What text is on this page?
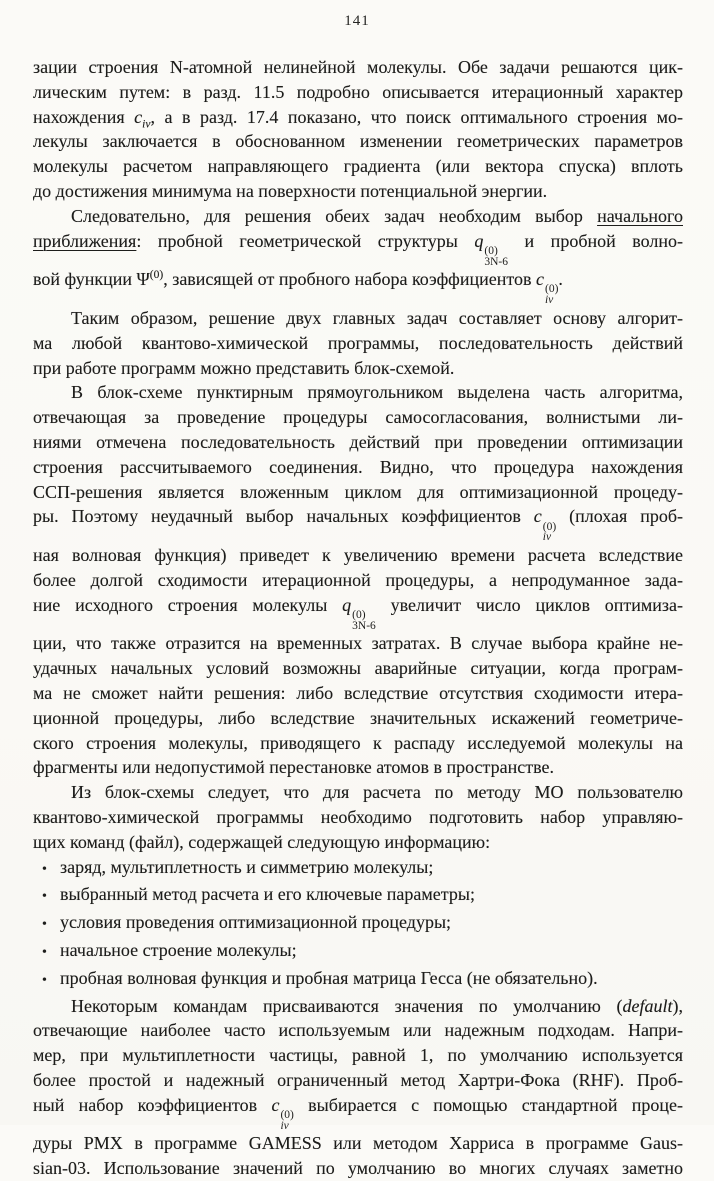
141
зации строения N-атомной нелинейной молекулы. Обе задачи решаются цик-
лическим путем: в разд. 11.5 подробно описывается итерационный характер
нахождения $c_{iv}$, а в разд. 17.4 показано, что поиск оптимального строения мо-
лекулы заключается в обоснованном изменении геометрических параметров
молекулы расчетом направляющего градиента (или вектора спуска) вплоть
до достижения минимума на поверхности потенциальной энергии.
Следовательно, для решения обеих задач необходим выбор начального
приближения: пробной геометрической структуры q
(0)
3N-6
и пробной волно-
вой функции $\Psi^{(0)}$, зависящей от пробного набора коэффициентов c
(0)
iv
.
Таким образом, решение двух главных задач составляет основу алгорит-
ма любой квантово-химической программы, последовательность действий
при работе программ можно представить блок-схемой.
В блок-схеме пунктирным прямоугольником выделена часть алгоритма,
отвечающая за проведение процедуры самосогласования, волнистыми ли-
ниями отмечена последовательность действий при проведении оптимизации
строения рассчитываемого соединения. Видно, что процедура нахождения
ССП-решения является вложенным циклом для оптимизационной процеду-
ры. Поэтому неудачный выбор начальных коэффициентов c
(0)
iv
(плохая проб-
ная волновая функция) приведет к увеличению времени расчета вследствие
более долгой сходимости итерационной процедуры, а непродуманное зада-
ние исходного строения молекулы q
(0)
3N-6
увеличит число циклов оптимиза-
ции, что также отразится на временных затратах. В случае выбора крайне не-
удачных начальных условий возможны аварийные ситуации, когда програм-
ма не сможет найти решения: либо вследствие отсутствия сходимости итера-
ционной процедуры, либо вследствие значительных искажений геометриче-
ского строения молекулы, приводящего к распаду исследуемой молекулы на
фрагменты или недопустимой перестановке атомов в пространстве.
Из блок-схемы следует, что для расчета по методу МО пользователю
квантово-химической программы необходимо подготовить набор управляю-
щих команд (файл), содержащей следующую информацию:
• заряд, мультиплетность и симметрию молекулы;
• выбранный метод расчета и его ключевые параметры;
• условия проведения оптимизационной процедуры;
• начальное строение молекулы;
• пробная волновая функция и пробная матрица Гесса (не обязательно).
Некоторым командам присваиваются значения по умолчанию (default),
отвечающие наиболее часто используемым или надежным подходам. Напри-
мер, при мультиплетности частицы, равной 1, по умолчанию используется
более простой и надежный ограниченный метод Хартри-Фока (RHF). Проб-
ный набор коэффициентов c
(0)
iv
выбирается с помощью стандартной проце-
дуры РМХ в программе GAMESS или методом Харриса в программе Gaus-
sian-03. Использование значений по умолчанию во многих случаях заметно
